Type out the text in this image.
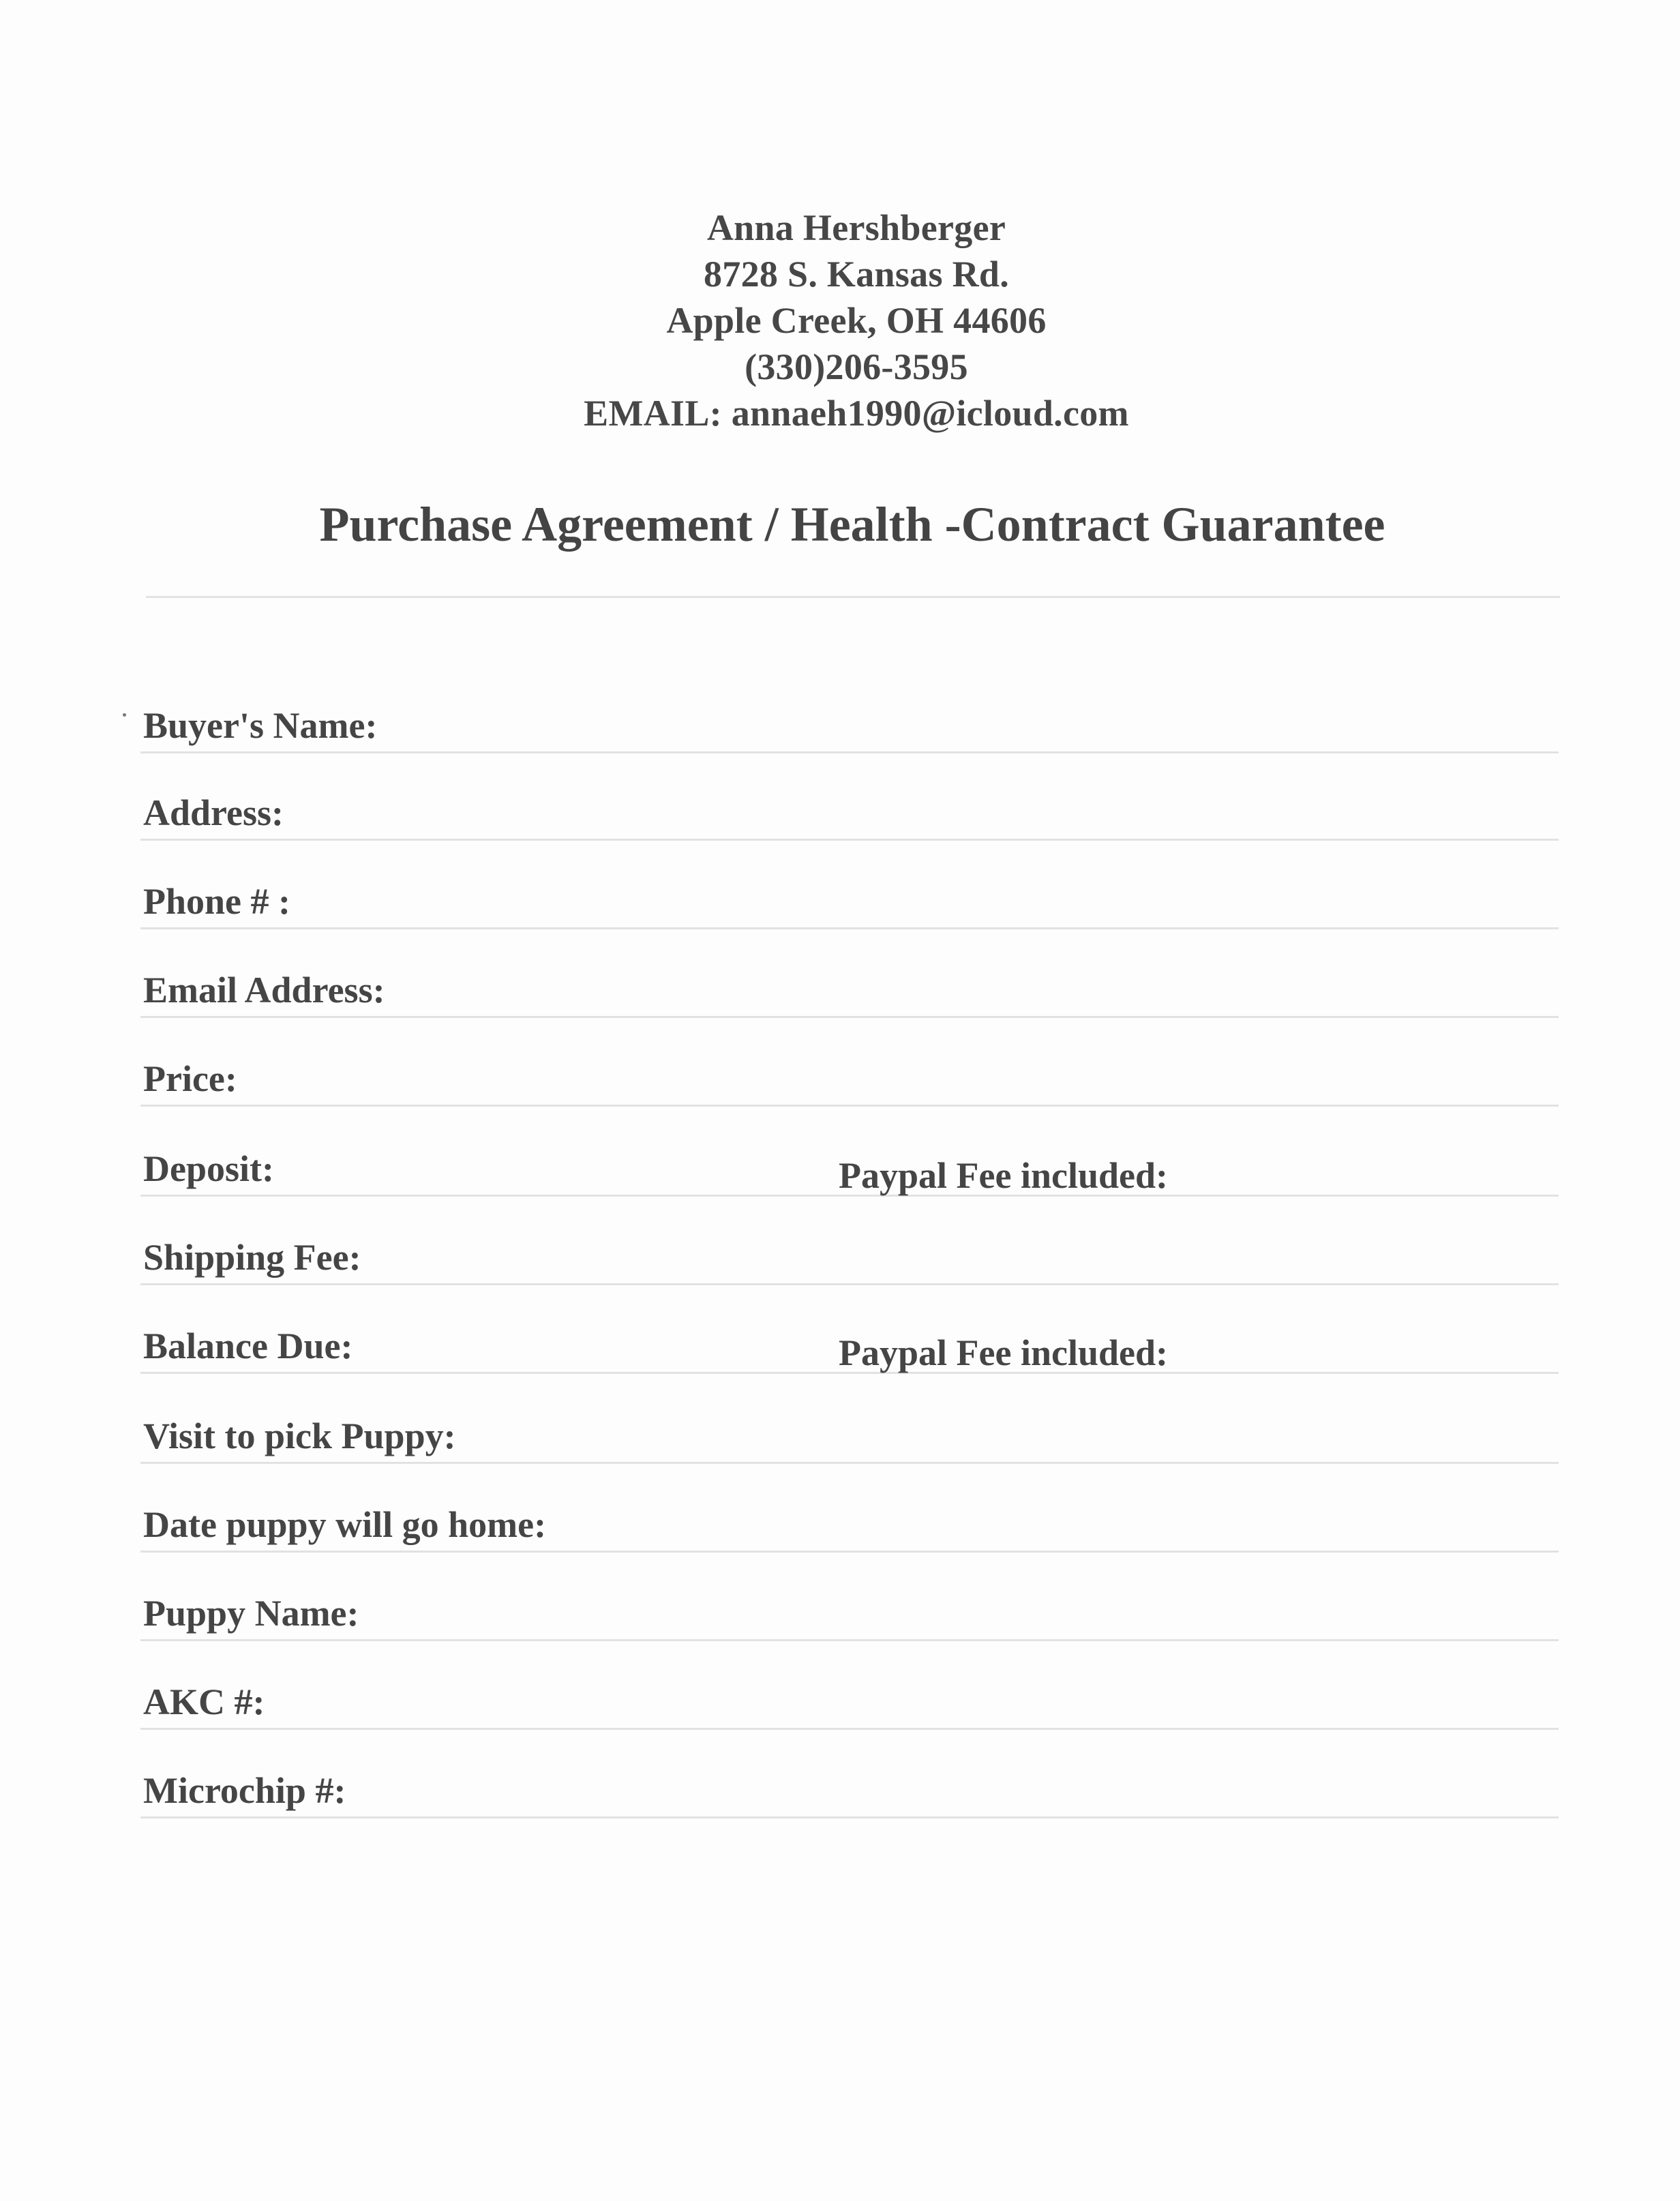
Anna Hershberger
8728 S. Kansas Rd.
Apple Creek, OH 44606
(330)206-3595
EMAIL: annaeh1990@icloud.com
Purchase Agreement / Health -Contract Guarantee
Buyer's Name:
Address:
Phone # :
Email Address:
Price:
Deposit:	Paypal Fee included:
Shipping Fee:
Balance Due:	Paypal Fee included:
Visit to pick Puppy:
Date puppy will go home:
Puppy Name:
AKC #:
Microchip #:
